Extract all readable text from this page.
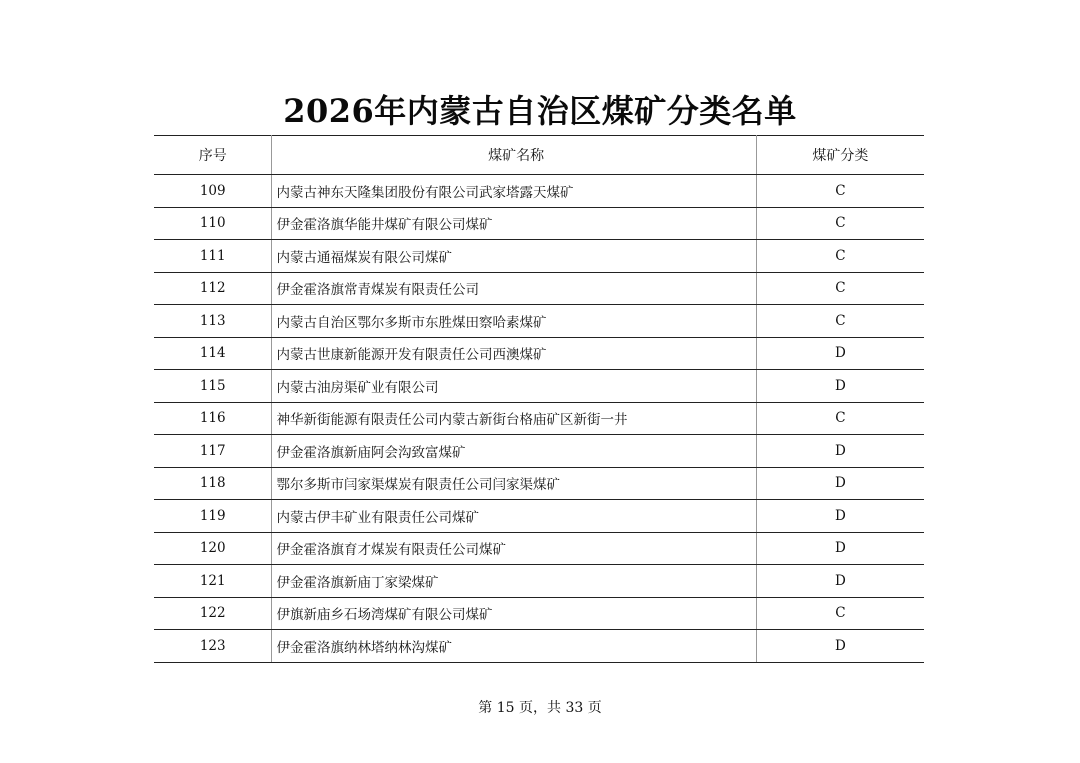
2026年内蒙古自治区煤矿分类名单
序号	煤矿名称	煤矿分类
109	内蒙古神东天隆集团股份有限公司武家塔露天煤矿	C
110	伊金霍洛旗华能井煤矿有限公司煤矿	C
111	内蒙古通福煤炭有限公司煤矿	C
112	伊金霍洛旗常青煤炭有限责任公司	C
113	内蒙古自治区鄂尔多斯市东胜煤田察哈素煤矿	C
114	内蒙古世康新能源开发有限责任公司西澳煤矿	D
115	内蒙古油房渠矿业有限公司	D
116	神华新街能源有限责任公司内蒙古新街台格庙矿区新街一井	C
117	伊金霍洛旗新庙阿会沟致富煤矿	D
118	鄂尔多斯市闫家渠煤炭有限责任公司闫家渠煤矿	D
119	内蒙古伊丰矿业有限责任公司煤矿	D
120	伊金霍洛旗育才煤炭有限责任公司煤矿	D
121	伊金霍洛旗新庙丁家梁煤矿	D
122	伊旗新庙乡石场湾煤矿有限公司煤矿	C
123	伊金霍洛旗纳林塔纳林沟煤矿	D
第 15 页，共 33 页
